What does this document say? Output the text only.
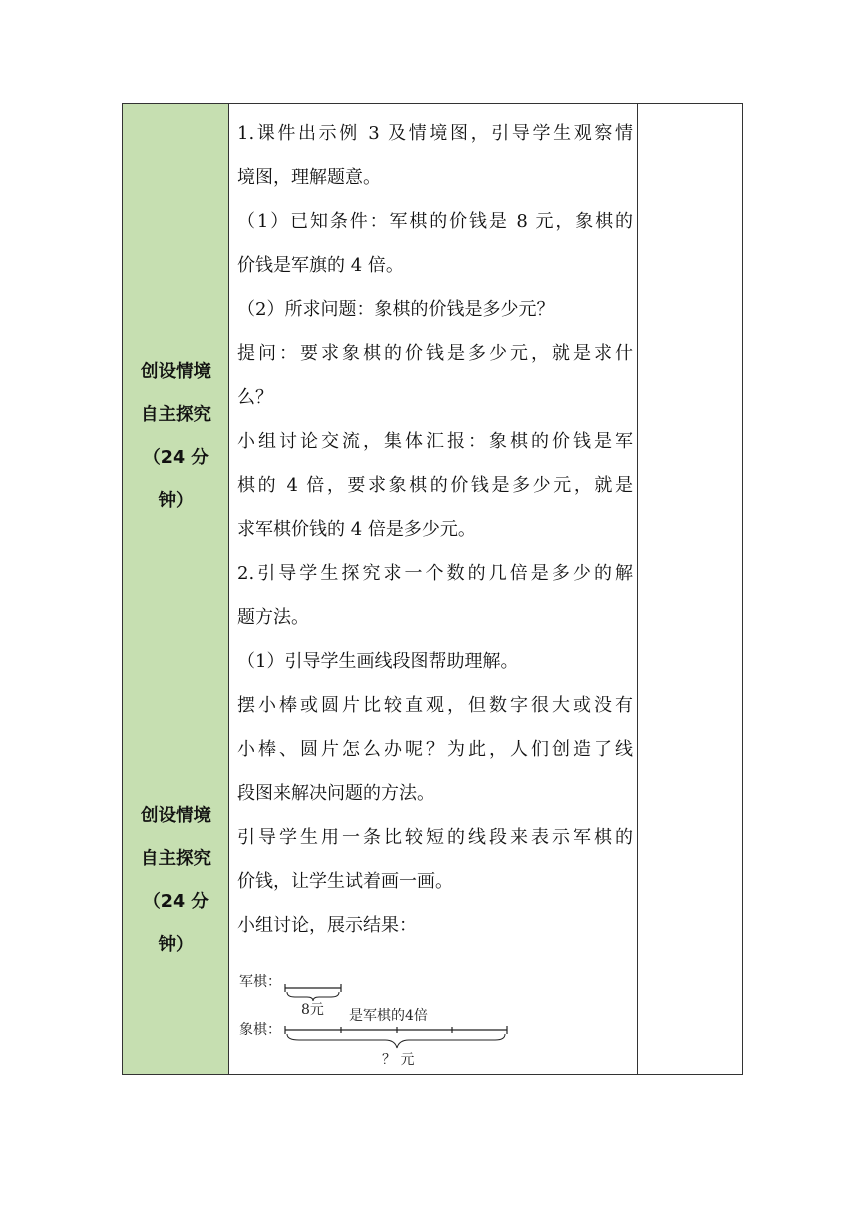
创设情境
自主探究
（24 分
钟）
创设情境
自主探究
（24 分
钟）
1.课件出示例 3 及情境图，引导学生观察情
境图，理解题意。
（1）已知条件：军棋的价钱是 8 元，象棋的
价钱是军旗的 4 倍。
（2）所求问题：象棋的价钱是多少元？
提问：要求象棋的价钱是多少元，就是求什
么？
小组讨论交流，集体汇报：象棋的价钱是军
棋的 4 倍，要求象棋的价钱是多少元，就是
求军棋价钱的 4 倍是多少元。
2.引导学生探究求一个数的几倍是多少的解
题方法。
（1）引导学生画线段图帮助理解。
摆小棒或圆片比较直观，但数字很大或没有
小棒、圆片怎么办呢？为此，人们创造了线
段图来解决问题的方法。
引导学生用一条比较短的线段来表示军棋的
价钱，让学生试着画一画。
小组讨论，展示结果：
军棋：
8元
象棋：
是军棋的4倍
？ 元
